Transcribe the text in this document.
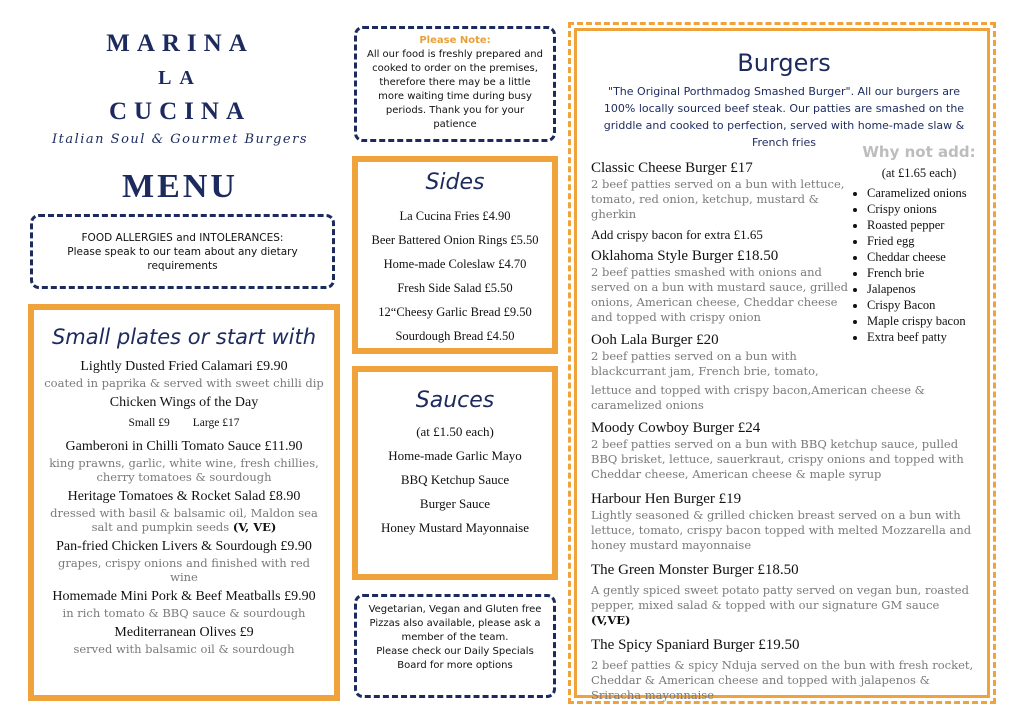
MARINA
LA
CUCINA
Italian Soul & Gourmet Burgers
MENU
FOOD ALLERGIES and INTOLERANCES:
Please speak to our team about any dietary requirements
Small plates or start with
Lightly Dusted Fried Calamari £9.90
coated in paprika & served with sweet chilli dip
Chicken Wings of the Day
Small £9        Large £17
Gamberoni in Chilli Tomato Sauce £11.90
king prawns, garlic, white wine, fresh chillies, cherry tomatoes & sourdough
Heritage Tomatoes & Rocket Salad £8.90
dressed with basil & balsamic oil, Maldon sea salt and pumpkin seeds (V, VE)
Pan-fried Chicken Livers & Sourdough £9.90
grapes, crispy onions and finished with red wine
Homemade Mini Pork & Beef Meatballs £9.90
in rich tomato & BBQ sauce & sourdough
Mediterranean Olives £9
served with balsamic oil & sourdough
Please Note:
All our food is freshly prepared and cooked to order on the premises, therefore there may be a little more waiting time during busy periods. Thank you for your patience
Sides
La Cucina Fries £4.90
Beer Battered Onion Rings £5.50
Home-made Coleslaw £4.70
Fresh Side Salad £5.50
12“Cheesy Garlic Bread £9.50
Sourdough Bread £4.50
Sauces
(at £1.50 each)
Home-made Garlic Mayo
BBQ Ketchup Sauce
Burger Sauce
Honey Mustard Mayonnaise
Vegetarian, Vegan and Gluten free Pizzas also available, please ask a member of the team.
Please check our Daily Specials Board for more options
Burgers
"The Original Porthmadog Smashed Burger". All our burgers are 100% locally sourced beef steak. Our patties are smashed on the griddle and cooked to perfection, served with home-made slaw & French fries
Why not add:
(at £1.65 each)
• Caramelized onions
• Crispy onions
• Roasted pepper
• Fried egg
• Cheddar cheese
• French brie
• Jalapenos
• Crispy Bacon
• Maple crispy bacon
• Extra beef patty
Classic Cheese Burger £17
2 beef patties served on a bun with lettuce, tomato, red onion, ketchup, mustard & gherkin
Add crispy bacon for extra £1.65
Oklahoma Style Burger £18.50
2 beef patties smashed with onions and served on a bun with mustard sauce, grilled onions, American cheese, Cheddar cheese and topped with crispy onion
Ooh Lala Burger £20
2 beef patties served on a bun with blackcurrant jam, French brie, tomato,
lettuce and topped with crispy bacon,American cheese & caramelized onions
Moody Cowboy Burger £24
2 beef patties served on a bun with BBQ ketchup sauce, pulled BBQ brisket, lettuce, sauerkraut, crispy onions and topped with Cheddar cheese, American cheese & maple syrup
Harbour Hen Burger £19
Lightly seasoned & grilled chicken breast served on a bun with lettuce, tomato, crispy bacon topped with melted Mozzarella and honey mustard mayonnaise
The Green Monster Burger £18.50
A gently spiced sweet potato patty served on vegan bun, roasted pepper, mixed salad & topped with our signature GM sauce (V,VE)
The Spicy Spaniard Burger £19.50
2 beef patties & spicy Nduja served on the bun with fresh rocket, Cheddar & American cheese and topped with jalapenos & Sriracha mayonnaise
